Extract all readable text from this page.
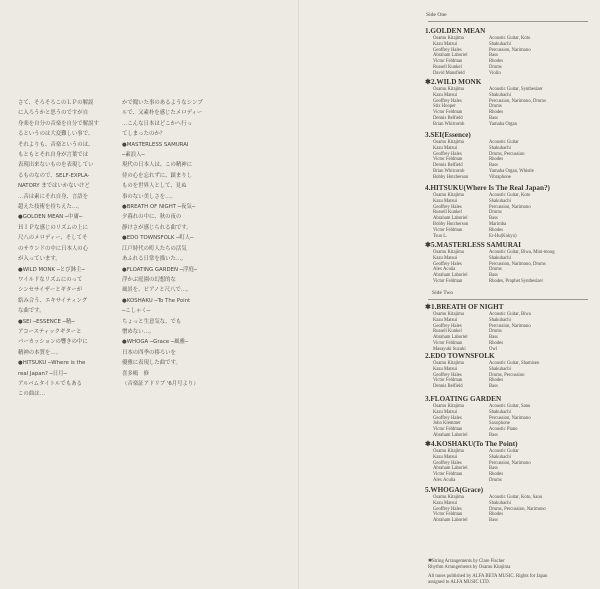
さて、そろそろこのＬＰの解説
に入ろうかと思うのですが自
身楽を自分の音楽を自分で解説す
るというのは大変難しい事で、
それよりも、音楽というのは、
もともとそれ自身が言葉では
表現出来ないものを表現してい
るものなので、SELF-EXPLA-
NATORY まではいかないけど
…音は素にそれ自身、言語を
超えた技術を持ちえた…。
●GOLDEN MEAN ─中庸─
ＨＩＰな感じのリズムの上に
尺八のメロディー、そしてそ
のサウンドの中に日本人の心
が入っています。
●WILD MONK ─とび鉢主─
ワイルドなリズムにのって
シンセサイザーとギターが
絡み合う、エキサイティング
な曲です。
●SEI ─ESSENCE ─精─
アコースティックギターと
パーカッションの響きの中に
精神の本質を…。
●HITSUKU ─Where is the
real Japan? ─日月─
アルバムタイトルでもある
この曲は…
かで聞いた事のあるようなシンプ
ルで、又素朴を感じたメロディー
…こんな日本はどこかへ行っ
てしまったのか？
●MASTERLESS SAMURAI
─素浪人─
現代の日本人は、この精神に
侍の心を忘れずに、鎮まりし
ものを世界人として、見ぬ
事のない美しさを…。
●BREATH OF NIGHT ─夜気─
夕暮れの中に、秋の夜の
静けさが感じられる曲です。
●EDO TOWNSFOLK ─町人─
江戸時代の町人たちの活気
あふれる日常を描いた…。
●FLOATING GARDEN ─浮庭─
浮かぶ庭園の幻想的な
風景を、ピアノと尺八で…。
●KOSHAKU ─To The Point
─こしゃく─
ちょっと生意気な、でも
憎めない…。
●WHOGA ─Grace ─風雅─
日本の四季の移ろいを
優雅に表現した曲です。
喜多嶋　修
（音楽証アドリブ '6月号より）
Side One
Side Two
1.GOLDEN MEAN
Osamu Kitajima	Acoustic Guitar, Koto
Kazu Matsui	Shakuhachi
Geoffrey Hales	Percussion, Narimono
Abraham Laboriel	Bass
Victor Feldman	Rhodes
Russell Kunkel	Drums
David Mansfield	Violin
✱2.WILD MONK
Osamu Kitajima	Acoustic Guitar, Synthesizer
Kazu Matsui	Shakuhachi
Geoffrey Hales	Percussion, Narimono, Drums
Stix Hooper	Drums
Victor Feldman	Rhodes
Dennis Belfield	Bass
Brian Whitcomb	Yamaha Organ
3.SEI(Essence)
Osamu Kitajima	Acoustic Guitar
Kazu Matsui	Shakuhachi
Geoffrey Hales	Drums, Percussion
Victor Feldman	Rhodes
Dennis Belfield	Bass
Brian Whitcomb	Yamaha Organ, Whistle
Bobby Hutcherson	Vibraphone
4.HITSUKU(Where Is The Real Japan?)
Osamu Kitajima	Acoustic Guitar, Koto
Kazu Matsui	Shakuhachi
Geoffrey Hales	Percussion, Narimono
Russell Kunkel	Drums
Abraham Laboriel	Bass
Bobby Hutcherson	Marimba
Victor Feldman	Rhodes
Tsuo L.	Er-Hu(Kokyu)
✱5.MASTERLESS SAMURAI
Osamu Kitajima	Acoustic Guitar, Biwa, Mini-moog
Kazu Matsui	Shakuhachi
Geoffrey Hales	Percussion, Narimono, Drums
Alex Acuña	Drums
Abraham Laboriel	Bass
Victor Feldman	Rhodes, Prophet Synthesizer
✱1.BREATH OF NIGHT
Osamu Kitajima	Acoustic Guitar, Biwa
Kazu Matsui	Shakuhachi
Geoffrey Hales	Percussion, Narimono
Russell Kunkel	Drums
Abraham Laboriel	Bass
Victor Feldman	Rhodes
Masayuki Suzuki	Owl
2.EDO TOWNSFOLK
Osamu Kitajima	Acoustic Guitar, Shamisen
Kazu Matsui	Shakuhachi
Geoffrey Hales	Drums, Percussion
Victor Feldman	Rhodes
Dennis Belfield	Bass
3.FLOATING GARDEN
Osamu Kitajima	Acoustic Guitar, Sanu
Kazu Matsui	Shakuhachi
Geoffrey Hales	Percussion, Narimono
John Klemmer	Saxophone
Victor Feldman	Acoustic Piano
Abraham Laboriel	Bass
✱4.KOSHAKU(To The Point)
Osamu Kitajima	Acoustic Guitar
Kazu Matsui	Shakuhachi
Geoffrey Hales	Percussion, Narimono
Abraham Laboriel	Bass
Victor Feldman	Rhodes
Alex Acuña	Drums
5.WHOGA(Grace)
Osamu Kitajima	Acoustic Guitar, Koto, Sanu
Kazu Matsui	Shakuhachi
Geoffrey Hales	Drums, Percussion, Narimono
Victor Feldman	Rhodes
Abraham Laboriel	Bass
✱String Arrangements by Clare Fischer
Rhythm Arrangements by Osamu Kitajima
All tunes published by ALFA BETA MUSIC. Rights for Japan
assigned to ALFA MUSIC LTD.
